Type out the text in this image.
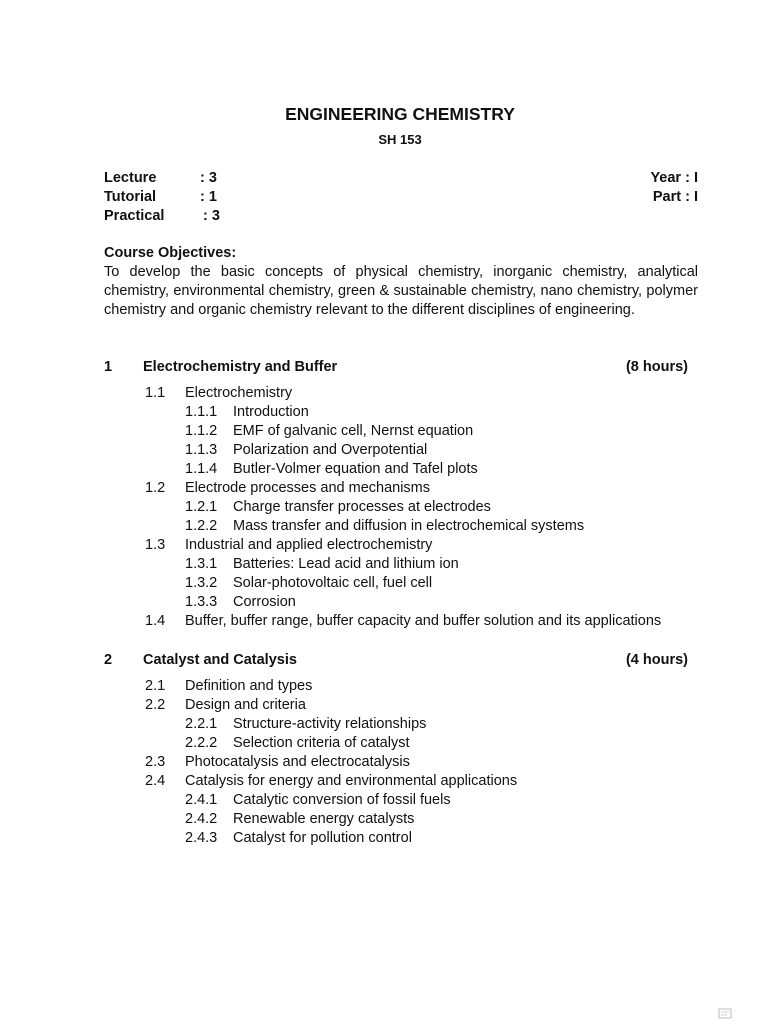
ENGINEERING CHEMISTRY
SH 153
Lecture	: 3
Tutorial	: 1
Practical	: 3
Year : I
Part : I
Course Objectives:
To develop the basic concepts of physical chemistry, inorganic chemistry, analytical chemistry, environmental chemistry, green & sustainable chemistry, nano chemistry, polymer chemistry and organic chemistry relevant to the different disciplines of engineering.
1 Electrochemistry and Buffer	(8 hours)
1.1 Electrochemistry
1.1.1 Introduction
1.1.2 EMF of galvanic cell, Nernst equation
1.1.3 Polarization and Overpotential
1.1.4 Butler-Volmer equation and Tafel plots
1.2 Electrode processes and mechanisms
1.2.1 Charge transfer processes at electrodes
1.2.2 Mass transfer and diffusion in electrochemical systems
1.3 Industrial and applied electrochemistry
1.3.1 Batteries: Lead acid and lithium ion
1.3.2 Solar-photovoltaic cell, fuel cell
1.3.3 Corrosion
1.4 Buffer, buffer range, buffer capacity and buffer solution and its applications
2 Catalyst and Catalysis	(4 hours)
2.1 Definition and types
2.2 Design and criteria
2.2.1 Structure-activity relationships
2.2.2 Selection criteria of catalyst
2.3 Photocatalysis and electrocatalysis
2.4 Catalysis for energy and environmental applications
2.4.1 Catalytic conversion of fossil fuels
2.4.2 Renewable energy catalysts
2.4.3 Catalyst for pollution control
